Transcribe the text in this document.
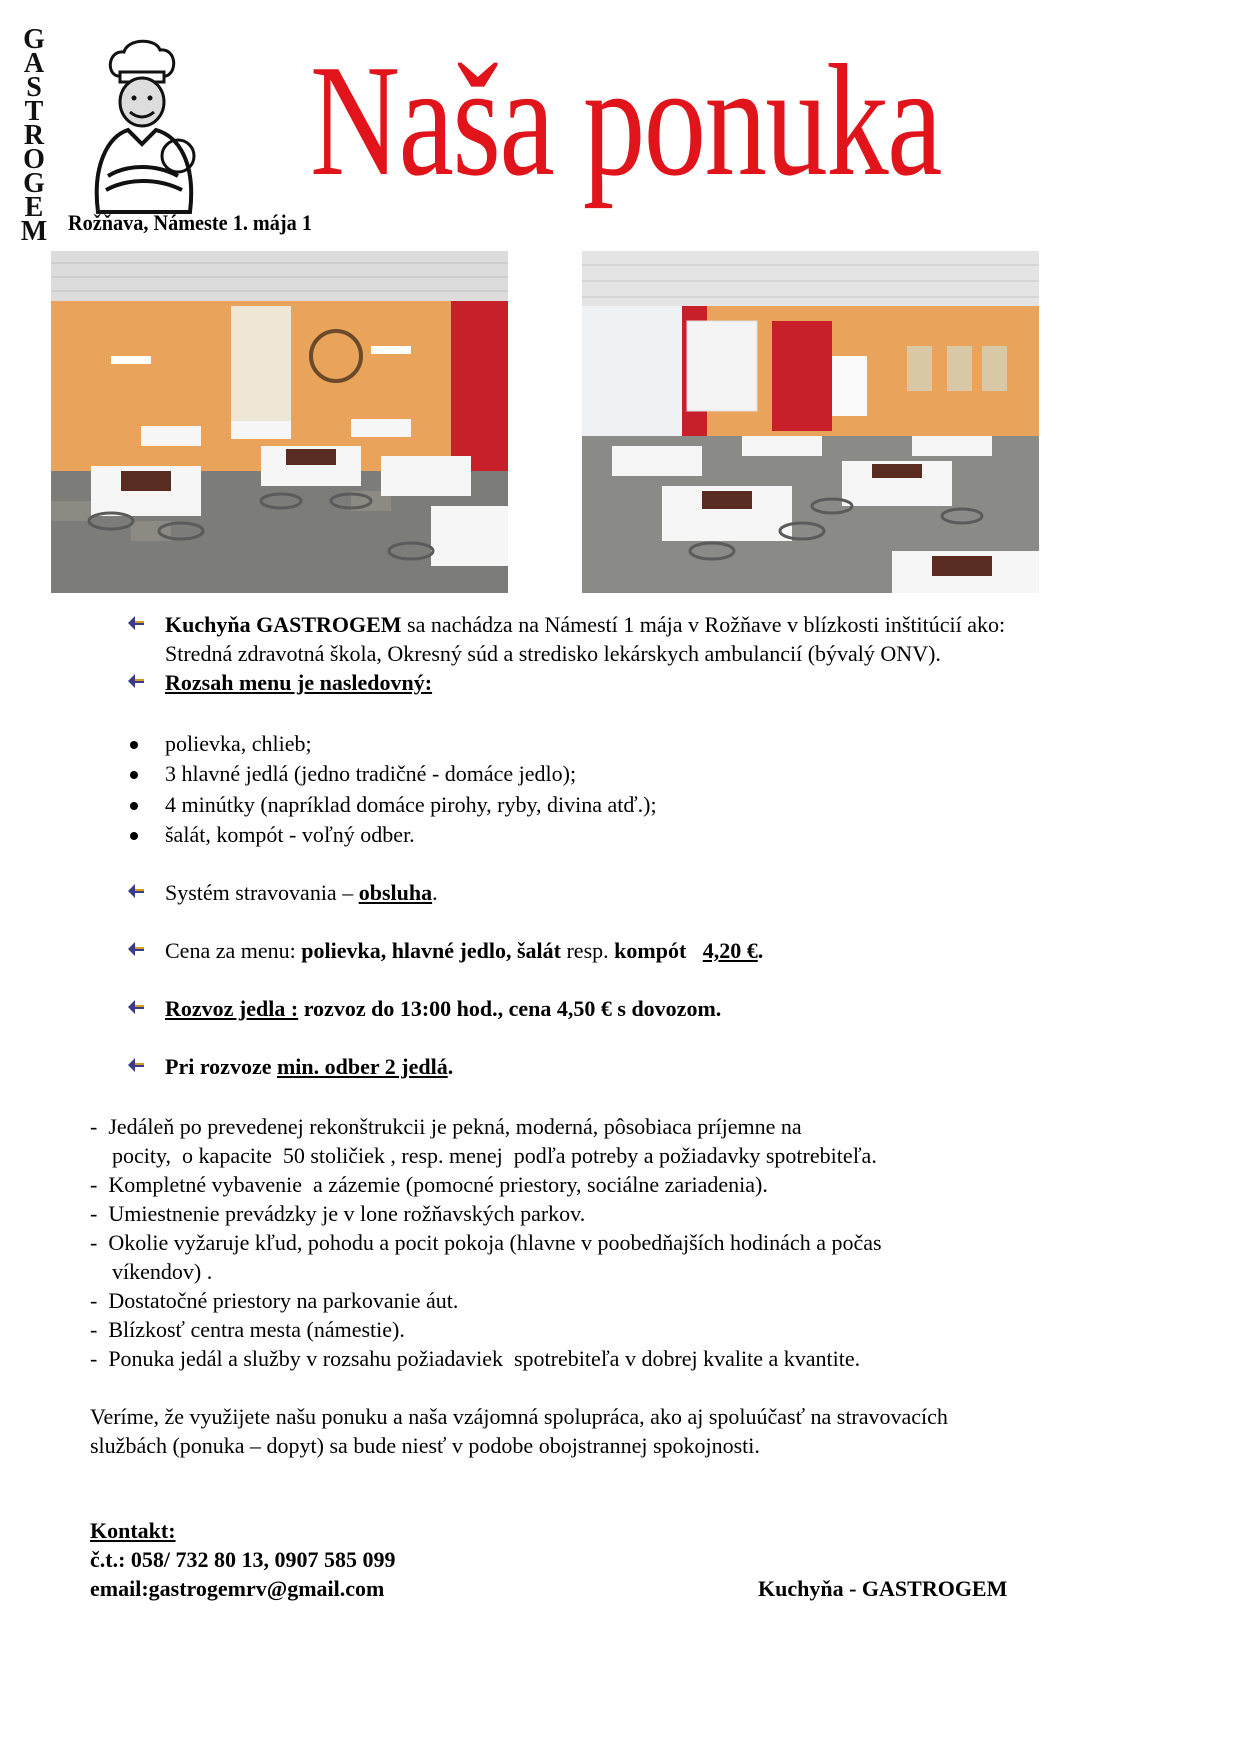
G
A
S
T
R
O
G
E
M Rožňava, Námeste 1. mája 1
Naša ponuka
Kuchyňa GASTROGEM sa nachádza na Námestí 1 mája v Rožňave v blízkosti inštitúcií ako:
Stredná zdravotná škola, Okresný súd a stredisko lekárskych ambulancií (bývalý ONV).
Rozsah menu je nasledovný:
polievka, chlieb;
3 hlavné jedlá (jedno tradičné - domáce jedlo);
4 minútky (napríklad domáce pirohy, ryby, divina atď.);
šalát, kompót - voľný odber.
Systém stravovania – obsluha.
Cena za menu: polievka, hlavné jedlo, šalát resp. kompót 4,20 €.
Rozvoz jedla : rozvoz do 13:00 hod., cena 4,50 € s dovozom.
Pri rozvoze min. odber 2 jedlá.
-  Jedáleň po prevedenej rekonštrukcii je pekná, moderná, pôsobiaca príjemne na
pocity,  o kapacite  50 stoličiek , resp. menej  podľa potreby a požiadavky spotrebiteľa.
-  Kompletné vybavenie  a zázemie (pomocné priestory, sociálne zariadenia).
-  Umiestnenie prevádzky je v lone rožňavských parkov.
-  Okolie vyžaruje kľud, pohodu a pocit pokoja (hlavne v poobedňajších hodinách a počas
víkendov) .
-  Dostatočné priestory na parkovanie áut.
-  Blízkosť centra mesta (námestie).
-  Ponuka jedál a služby v rozsahu požiadaviek  spotrebiteľa v dobrej kvalite a kvantite.
Veríme, že využijete našu ponuku a naša vzájomná spolupráca, ako aj spoluúčasť na stravovacích
službách (ponuka – dopyt) sa bude niesť v podobe obojstrannej spokojnosti.
Kontakt:
č.t.: 058/ 732 80 13, 0907 585 099
email:gastrogemrv@gmail.com	Kuchyňa - GASTROGEM
